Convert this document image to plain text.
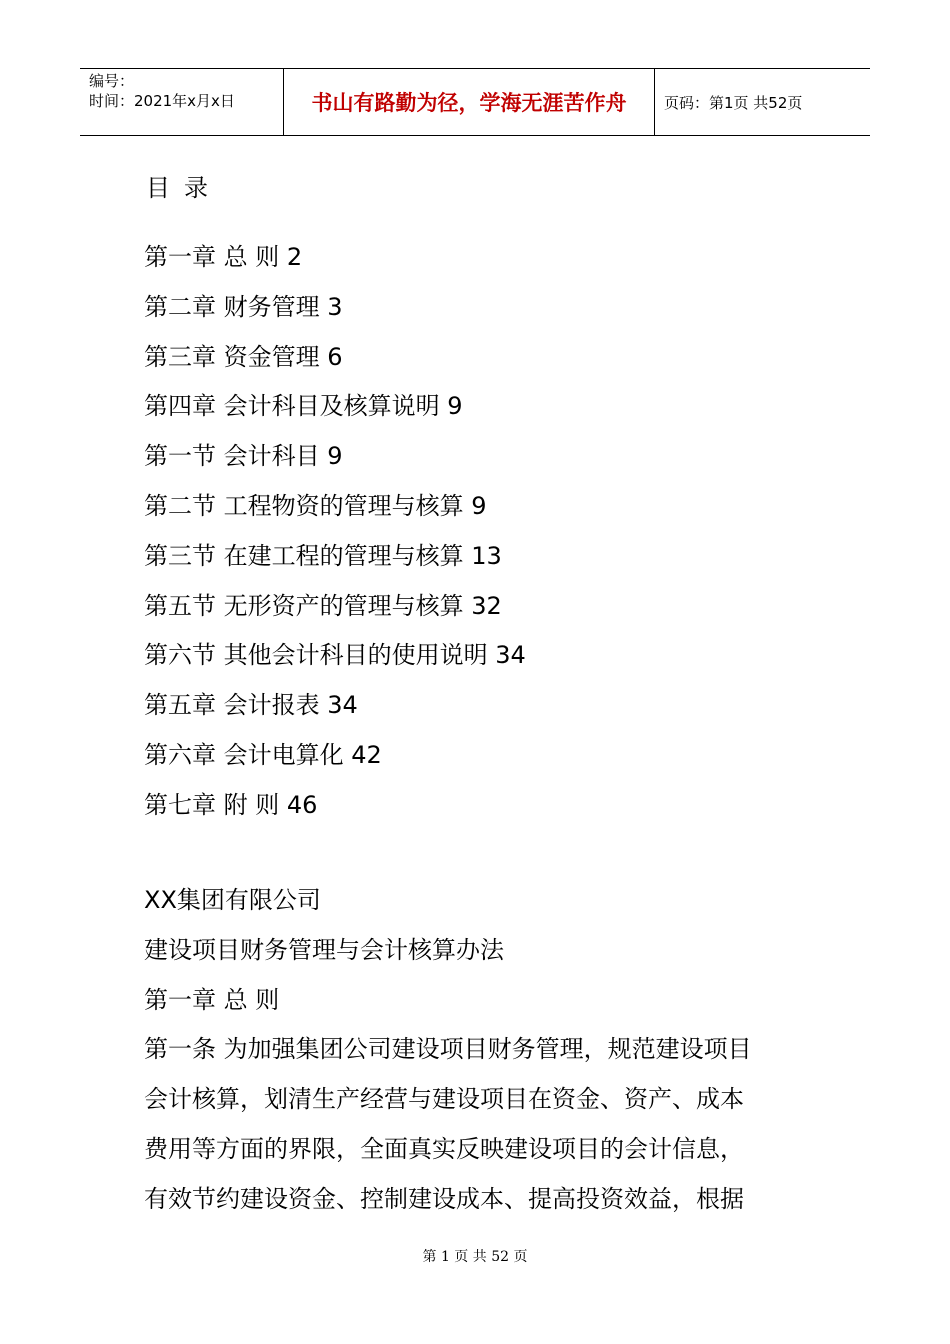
编号：
时间：2021年x月x日	书山有路勤为径，学海无涯苦作舟	页码：第1页 共52页
目录
第一章 总 则 2
第二章 财务管理 3
第三章 资金管理 6
第四章 会计科目及核算说明 9
第一节 会计科目 9
第二节 工程物资的管理与核算 9
第三节 在建工程的管理与核算 13
第五节 无形资产的管理与核算 32
第六节 其他会计科目的使用说明 34
第五章 会计报表 34
第六章 会计电算化 42
第七章 附 则 46
XX集团有限公司
建设项目财务管理与会计核算办法
第一章 总 则
第一条 为加强集团公司建设项目财务管理，规范建设项目
会计核算，划清生产经营与建设项目在资金、资产、成本
费用等方面的界限，全面真实反映建设项目的会计信息，
有效节约建设资金、控制建设成本、提高投资效益，根据
第 1 页 共 52 页
